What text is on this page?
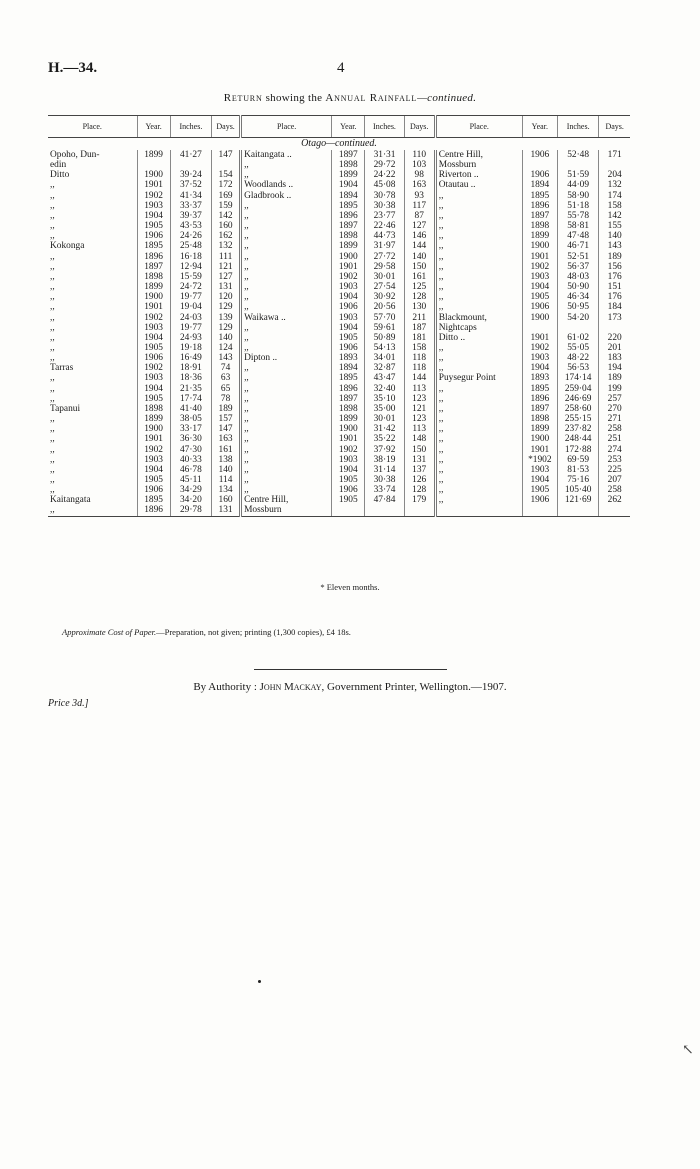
H.—34.	4
Return showing the Annual Rainfall—continued.
Place.	Year.	Inches.	Days.	Place.	Year.	Inches.	Days.	Place.	Year.	Inches.	Days.
Otago—continued.											
Opoho, Dun-	1899	41·27	147	Kaitangata ..	1897	31·31	110	Centre Hill,	1906	52·48	171
edin				,,	1898	29·72	103	Mossburn			
Ditto	1900	39·24	154	,,	1899	24·22	98	Riverton ..	1906	51·59	204
,,	1901	37·52	172	Woodlands ..	1904	45·08	163	Otautau ..	1894	44·09	132
,,	1902	41·34	169	Gladbrook ..	1894	30·78	93	,,	1895	58·90	174
,,	1903	33·37	159	,,	1895	30·38	117	,,	1896	51·18	158
,,	1904	39·37	142	,,	1896	23·77	87	,,	1897	55·78	142
,,	1905	43·53	160	,,	1897	22·46	127	,,	1898	58·81	155
,,	1906	24·26	162	,,	1898	44·73	146	,,	1899	47·48	140
Kokonga	1895	25·48	132	,,	1899	31·97	144	,,	1900	46·71	143
,,	1896	16·18	111	,,	1900	27·72	140	,,	1901	52·51	189
,,	1897	12·94	121	,,	1901	29·58	150	,,	1902	56·37	156
,,	1898	15·59	127	,,	1902	30·01	161	,,	1903	48·03	176
,,	1899	24·72	131	,,	1903	27·54	125	,,	1904	50·90	151
,,	1900	19·77	120	,,	1904	30·92	128	,,	1905	46·34	176
,,	1901	19·04	129	,,	1906	20·56	130	,,	1906	50·95	184
,,	1902	24·03	139	Waikawa ..	1903	57·70	211	Blackmount,	1900	54·20	173
,,	1903	19·77	129	,,	1904	59·61	187	Nightcaps			
,,	1904	24·93	140	,,	1905	50·89	181	Ditto ..	1901	61·02	220
,,	1905	19·18	124	,,	1906	54·13	158	,,	1902	55·05	201
,,	1906	16·49	143	Dipton ..	1893	34·01	118	,,	1903	48·22	183
Tarras	1902	18·91	74	,,	1894	32·87	118	,,	1904	56·53	194
,,	1903	18·36	63	,,	1895	43·47	144	Puysegur Point	1893	174·14	189
,,	1904	21·35	65	,,	1896	32·40	113	,,	1895	259·04	199
,,	1905	17·74	78	,,	1897	35·10	123	,,	1896	246·69	257
Tapanui	1898	41·40	189	,,	1898	35·00	121	,,	1897	258·60	270
,,	1899	38·05	157	,,	1899	30·01	123	,,	1898	255·15	271
,,	1900	33·17	147	,,	1900	31·42	113	,,	1899	237·82	258
,,	1901	36·30	163	,,	1901	35·22	148	,,	1900	248·44	251
,,	1902	47·30	161	,,	1902	37·92	150	,,	1901	172·88	274
,,	1903	40·33	138	,,	1903	38·19	131	,,	*1902	69·59	253
,,	1904	46·78	140	,,	1904	31·14	137	,,	1903	81·53	225
,,	1905	45·11	114	,,	1905	30·38	126	,,	1904	75·16	207
,,	1906	34·29	134	,,	1906	33·74	128	,,	1905	105·40	258
Kaitangata	1895	34·20	160	Centre Hill,	1905	47·84	179	,,	1906	121·69	262
,,	1896	29·78	131	Mossburn							
* Eleven months.
Approximate Cost of Paper.—Preparation, not given; printing (1,300 copies), £4 18s.
By Authority : John Mackay, Government Printer, Wellington.—1907.
Price 3d.]
↖
